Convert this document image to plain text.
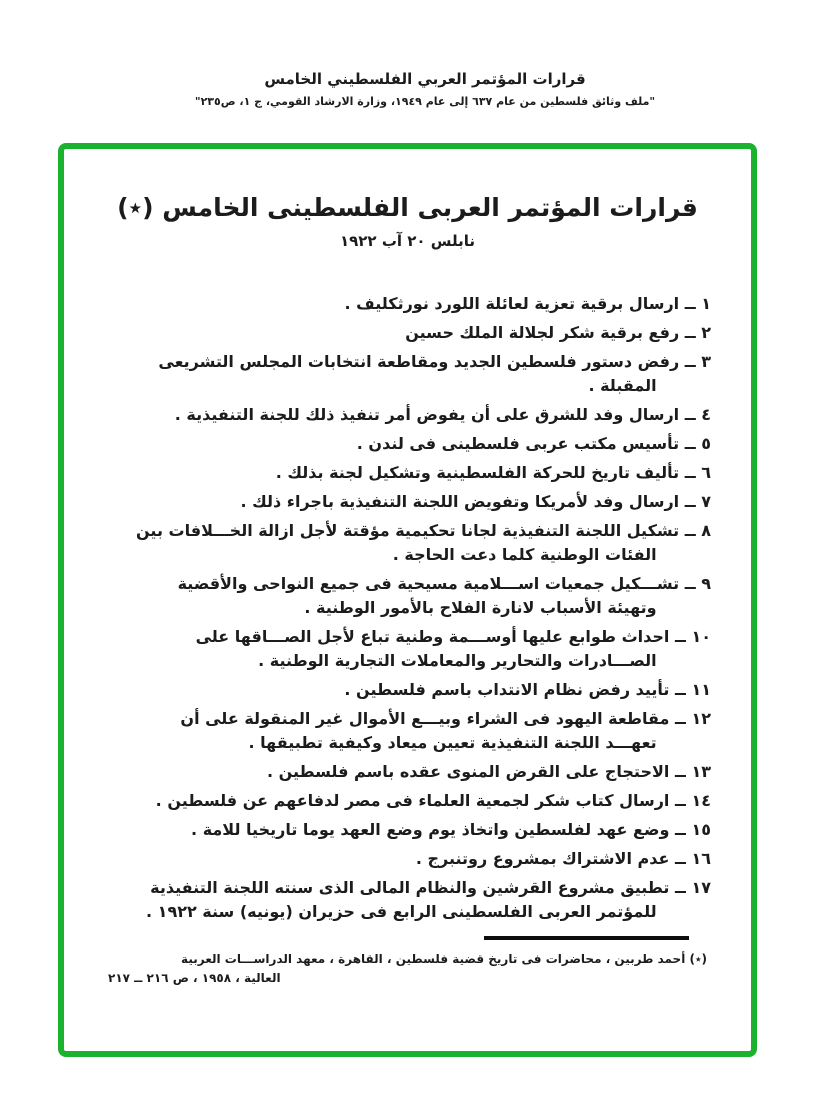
قرارات المؤتمر العربي الفلسطيني الخامس
"ملف وثائق فلسطين من عام ٦٣٧ إلى عام ١٩٤٩، وزارة الارشاد القومي، ج ١، ص٢٣٥"
قرارات المؤتمر العربى الفلسطينى الخامس (٭)
نابلس ٢٠ آب ١٩٢٢
١ ــ ارسال برقية تعزية لعائلة اللورد نورثكليف .
٢ ــ رفع برقية شكر لجلالة الملك حسين
٣ ــ رفض دستور فلسطين الجديد ومقاطعة انتخابات المجلس التشريعى المقبلة .
٤ ــ ارسال وفد للشرق على أن يفوض أمر تنفيذ ذلك للجنة التنفيذية .
٥ ــ تأسيس مكتب عربى فلسطينى فى لندن .
٦ ــ تأليف تاريخ للحركة الفلسطينية وتشكيل لجنة بذلك .
٧ ــ ارسال وفد لأمريكا وتفويض اللجنة التنفيذية باجراء ذلك .
٨ ــ تشكيل اللجنة التنفيذية لجانا تحكيمية مؤقتة لأجل ازالة الخـــلافات بين الفئات الوطنية كلما دعت الحاجة .
٩ ــ تشـــكيل جمعيات اســـلامية مسيحية فى جميع النواحى والأقضية وتهيئة الأسباب لانارة الفلاح بالأمور الوطنية .
١٠ ــ احداث طوابع عليها أوســـمة وطنية تباع لأجل الصـــاقها على الصـــادرات والتحارير والمعاملات التجارية الوطنية .
١١ ــ تأييد رفض نظام الانتداب باسم فلسطين .
١٢ ــ مقاطعة اليهود فى الشراء وبيـــع الأموال غير المنقولة على أن تعهـــد اللجنة التنفيذية تعيين ميعاد وكيفية تطبيقها .
١٣ ــ الاحتجاج على القرض المنوى عقده باسم فلسطين .
١٤ ــ ارسال كتاب شكر لجمعية العلماء فى مصر لدفاعهم عن فلسطين .
١٥ ــ وضع عهد لفلسطين واتخاذ يوم وضع العهد يوما تاريخيا للامة .
١٦ ــ عدم الاشتراك بمشروع روتنبرج .
١٧ ــ تطبيق مشروع القرشين والنظام المالى الذى سنته اللجنة التنفيذية للمؤتمر العربى الفلسطينى الرابع فى حزيران (يونيه) سنة ١٩٢٢ .
(٭) أحمد طربين ، محاضرات فى تاريخ قضية فلسطين ، القاهرة ، معهد الدراســـات العربية
العالية ، ١٩٥٨ ، ص ٢١٦ ــ ٢١٧
